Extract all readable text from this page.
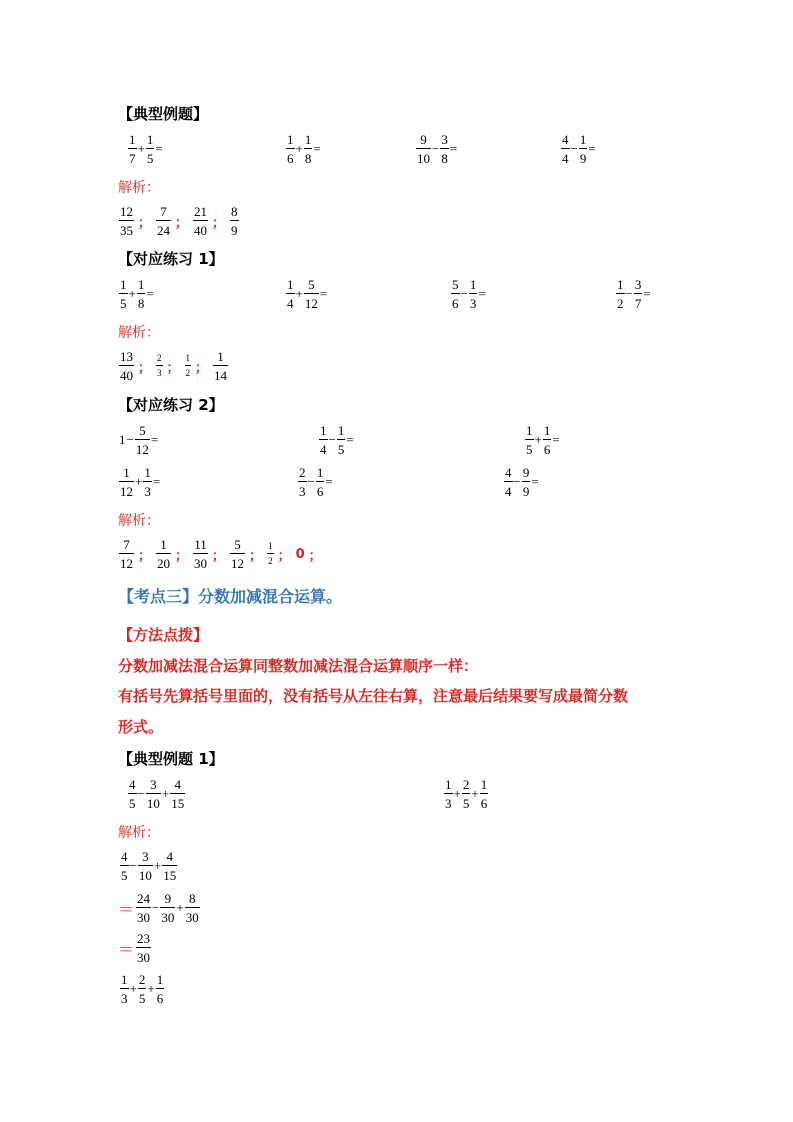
【典型例题】
$\frac{1}{7} + \frac{1}{5}$ =	$\frac{1}{6} + \frac{1}{8}$ =	$\frac{9}{10} - \frac{3}{8}$ =	$\frac{4}{4} - \frac{1}{9}$ =
解析：
$\frac{12}{35}$ ； $\frac{7}{24}$ ； $\frac{21}{40}$ ； $\frac{8}{9}$
【对应练习 1】
$\frac{1}{5} + \frac{1}{8}$ =	$\frac{1}{4} + \frac{5}{12}$ =	$\frac{5}{6} - \frac{1}{3}$ =	$\frac{1}{2} - \frac{3}{7}$ =
解析：
$\frac{13}{40}$ ； $\frac{2}{3}$ ； $\frac{1}{2}$ ； $\frac{1}{14}$
【对应练习 2】
$1 - \frac{5}{12}$ =	$\frac{1}{4} - \frac{1}{5}$ =	$\frac{1}{5} + \frac{1}{6}$ =
$\frac{1}{12} + \frac{1}{3}$ =	$\frac{2}{3} - \frac{1}{6}$ =	$\frac{4}{4} - \frac{9}{9}$ =
解析：
$\frac{7}{12}$ ； $\frac{1}{20}$ ； $\frac{11}{30}$ ； $\frac{5}{12}$ ； $\frac{1}{2}$ ； 0 ；
【考点三】分数加减混合运算。
【方法点拨】
分数加减法混合运算同整数加减法混合运算顺序一样：
有括号先算括号里面的，没有括号从左往右算，注意最后结果要写成最简分数
形式。
【典型例题 1】
$\frac{4}{5} - \frac{3}{10} + \frac{4}{15}$	$\frac{1}{3} + \frac{2}{5} + \frac{1}{6}$
解析：
$\frac{4}{5} - \frac{3}{10} + \frac{4}{15}$
＝ $\frac{24}{30} - \frac{9}{30} + \frac{8}{30}$
＝ $\frac{23}{30}$
$\frac{1}{3} + \frac{2}{5} + \frac{1}{6}$
